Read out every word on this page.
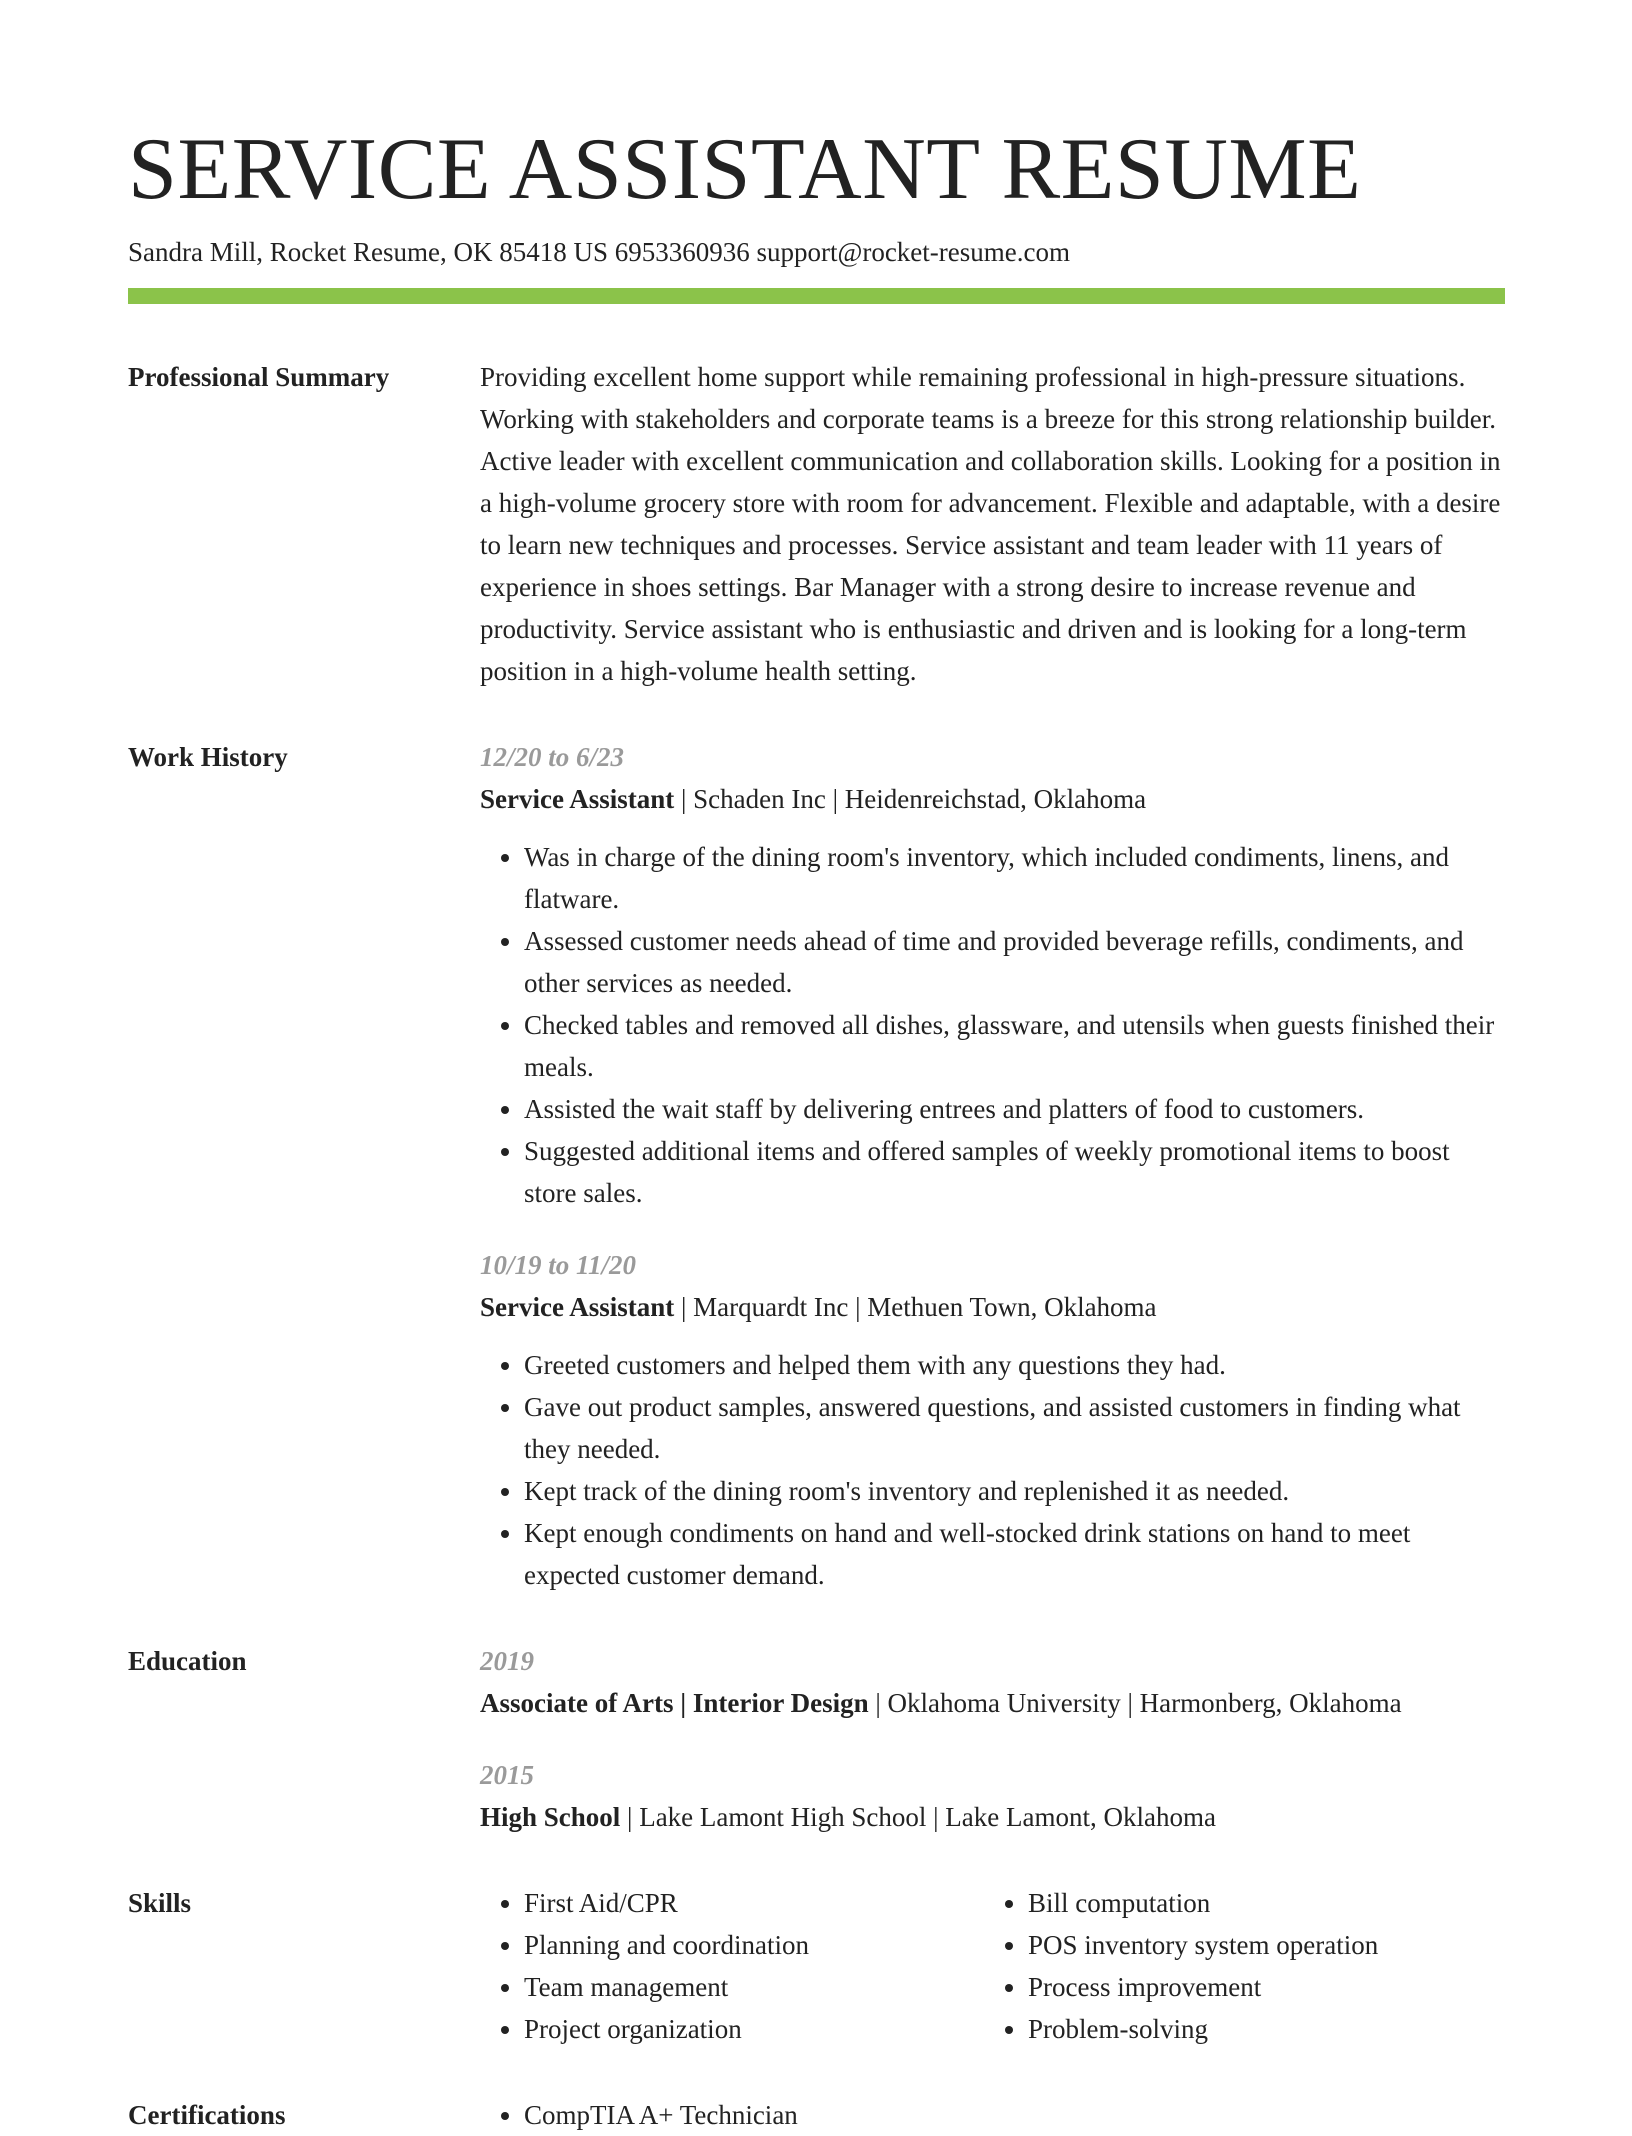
SERVICE ASSISTANT RESUME
Sandra Mill, Rocket Resume, OK 85418 US 6953360936 support@rocket-resume.com
Professional Summary	Providing excellent home support while remaining professional in high-pressure situations. Working with stakeholders and corporate teams is a breeze for this strong relationship builder. Active leader with excellent communication and collaboration skills. Looking for a position in a high-volume grocery store with room for advancement. Flexible and adaptable, with a desire to learn new techniques and processes. Service assistant and team leader with 11 years of experience in shoes settings. Bar Manager with a strong desire to increase revenue and productivity. Service assistant who is enthusiastic and driven and is looking for a long-term position in a high-volume health setting.

Work History	12/20 to 6/23
Service Assistant | Schaden Inc | Heidenreichstad, Oklahoma
• Was in charge of the dining room's inventory, which included condiments, linens, and flatware.
• Assessed customer needs ahead of time and provided beverage refills, condiments, and other services as needed.
• Checked tables and removed all dishes, glassware, and utensils when guests finished their meals.
• Assisted the wait staff by delivering entrees and platters of food to customers.
• Suggested additional items and offered samples of weekly promotional items to boost store sales.
10/19 to 11/20
Service Assistant | Marquardt Inc | Methuen Town, Oklahoma
• Greeted customers and helped them with any questions they had.
• Gave out product samples, answered questions, and assisted customers in finding what they needed.
• Kept track of the dining room's inventory and replenished it as needed.
• Kept enough condiments on hand and well-stocked drink stations on hand to meet expected customer demand.
Education	2019
Associate of Arts | Interior Design | Oklahoma University | Harmonberg, Oklahoma
2015
High School | Lake Lamont High School | Lake Lamont, Oklahoma
Skills	• First Aid/CPR
• Planning and coordination
• Team management
• Project organization
• Bill computation
• POS inventory system operation
• Process improvement
• Problem-solving
Certifications	• CompTIA A+ Technician
